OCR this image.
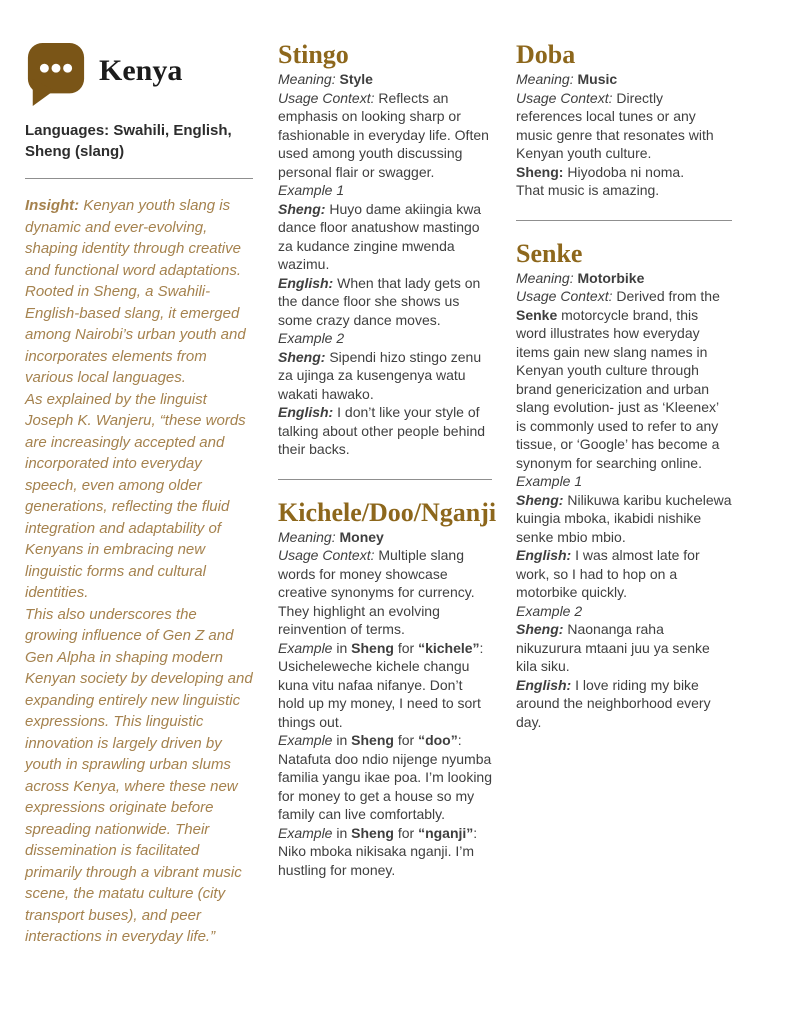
Kenya
Languages: Swahili, English, Sheng (slang)

Insight: Kenyan youth slang is dynamic and ever-evolving, shaping identity through creative and functional word adaptations. Rooted in Sheng, a Swahili-English-based slang, it emerged among Nairobi’s urban youth and incorporates elements from various local languages.

As explained by the linguist Joseph K. Wanjeru, “these words are increasingly accepted and incorporated into everyday speech, even among older generations, reflecting the fluid integration and adaptability of Kenyans in embracing new linguistic forms and cultural identities.

This also underscores the growing influence of Gen Z and Gen Alpha in shaping modern Kenyan society by developing and expanding entirely new linguistic expressions. This linguistic innovation is largely driven by youth in sprawling urban slums across Kenya, where these new expressions originate before spreading nationwide. Their dissemination is facilitated primarily through a vibrant music scene, the matatu culture (city transport buses), and peer interactions in everyday life.”

Stingo

Meaning: Style

Usage Context: Reflects an emphasis on looking sharp or fashionable in everyday life. Often used among youth discussing personal flair or swagger.

Example 1

Sheng: Huyo dame akiingia kwa dance floor anatushow mastingo za kudance zingine mwenda wazimu.

English: When that lady gets on the dance floor she shows us some crazy dance moves.

Example 2

Sheng: Sipendi hizo stingo zenu za ujinga za kusengenya watu wakati hawako.

English: I don’t like your style of talking about other people behind their backs.

Kichele/Doo/Nganji

Meaning: Money

Usage Context: Multiple slang words for money showcase creative synonyms for currency. They highlight an evolving reinvention of terms.

Example in Sheng for “kichele”:

Usicheleweche kichele changu kuna vitu nafaa nifanye. Don’t hold up my money, I need to sort things out.

Example in Sheng for “doo”:

Natafuta doo ndio nijenge nyumba familia yangu ikae poa. I’m looking for money to get a house so my family can live comfortably.

Example in Sheng for “nganji”:

Niko mboka nikisaka nganji. I’m hustling for money.

Doba

Meaning: Music

Usage Context: Directly references local tunes or any music genre that resonates with Kenyan youth culture.

Sheng: Hiyodoba ni noma.

That music is amazing.

Senke

Meaning: Motorbike

Usage Context: Derived from the Senke motorcycle brand, this word illustrates how everyday items gain new slang names in Kenyan youth culture through brand genericization and urban slang evolution- just as ‘Kleenex’ is commonly used to refer to any tissue, or ‘Google’ has become a synonym for searching online.

Example 1

Sheng: Nilikuwa karibu kuchelewa kuingia mboka, ikabidi nishike senke mbio mbio.

English: I was almost late for work, so I had to hop on a motorbike quickly.

Example 2

Sheng: Naonanga raha nikuzurura mtaani juu ya senke kila siku.

English: I love riding my bike around the neighborhood every day.
